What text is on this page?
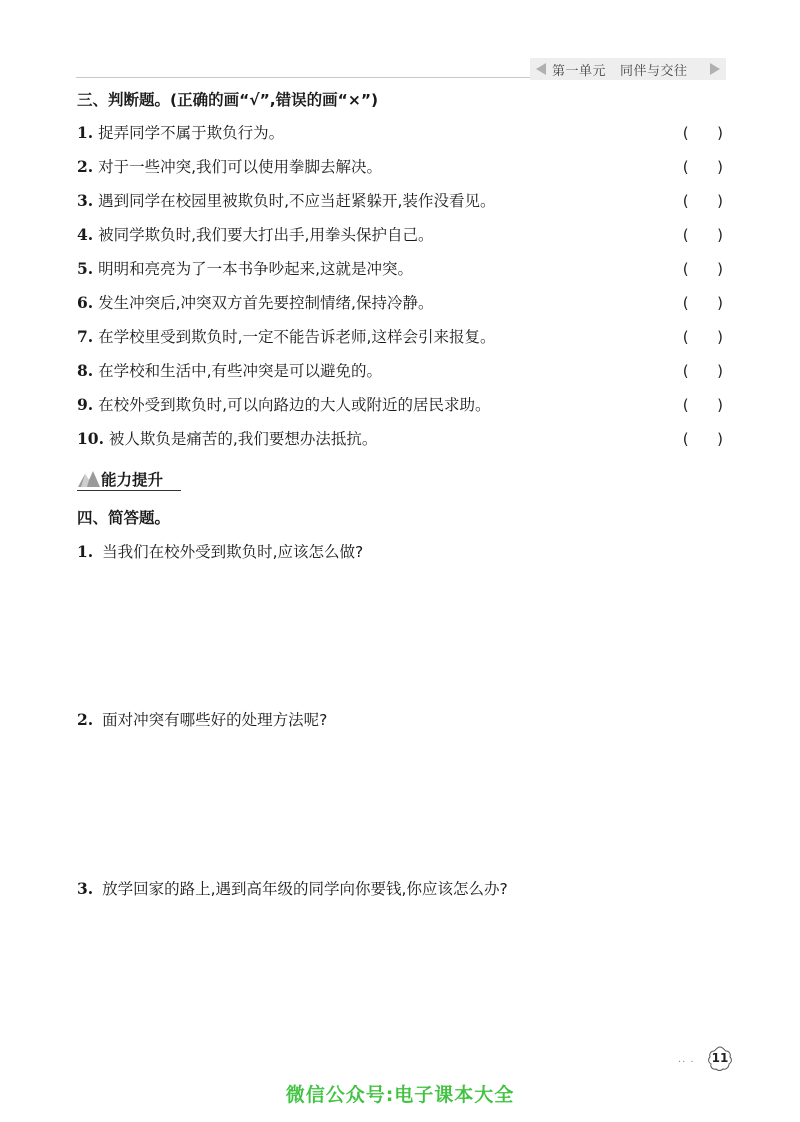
第一单元 同伴与交往
三、判断题。(正确的画“√”,错误的画“×”)
1. 捉弄同学不属于欺负行为。	(      )
2. 对于一些冲突,我们可以使用拳脚去解决。	(      )
3. 遇到同学在校园里被欺负时,不应当赶紧躲开,装作没看见。	(      )
4. 被同学欺负时,我们要大打出手,用拳头保护自己。	(      )
5. 明明和亮亮为了一本书争吵起来,这就是冲突。	(      )
6. 发生冲突后,冲突双方首先要控制情绪,保持冷静。	(      )
7. 在学校里受到欺负时,一定不能告诉老师,这样会引来报复。	(      )
8. 在学校和生活中,有些冲突是可以避免的。	(      )
9. 在校外受到欺负时,可以向路边的大人或附近的居民求助。	(      )
10. 被人欺负是痛苦的,我们要想办法抵抗。	(      )
能力提升
四、简答题。
1. 当我们在校外受到欺负时,应该怎么做?
2. 面对冲突有哪些好的处理方法呢?
3. 放学回家的路上,遇到高年级的同学向你要钱,你应该怎么办?
·· ·	11
微信公众号:电子课本大全
